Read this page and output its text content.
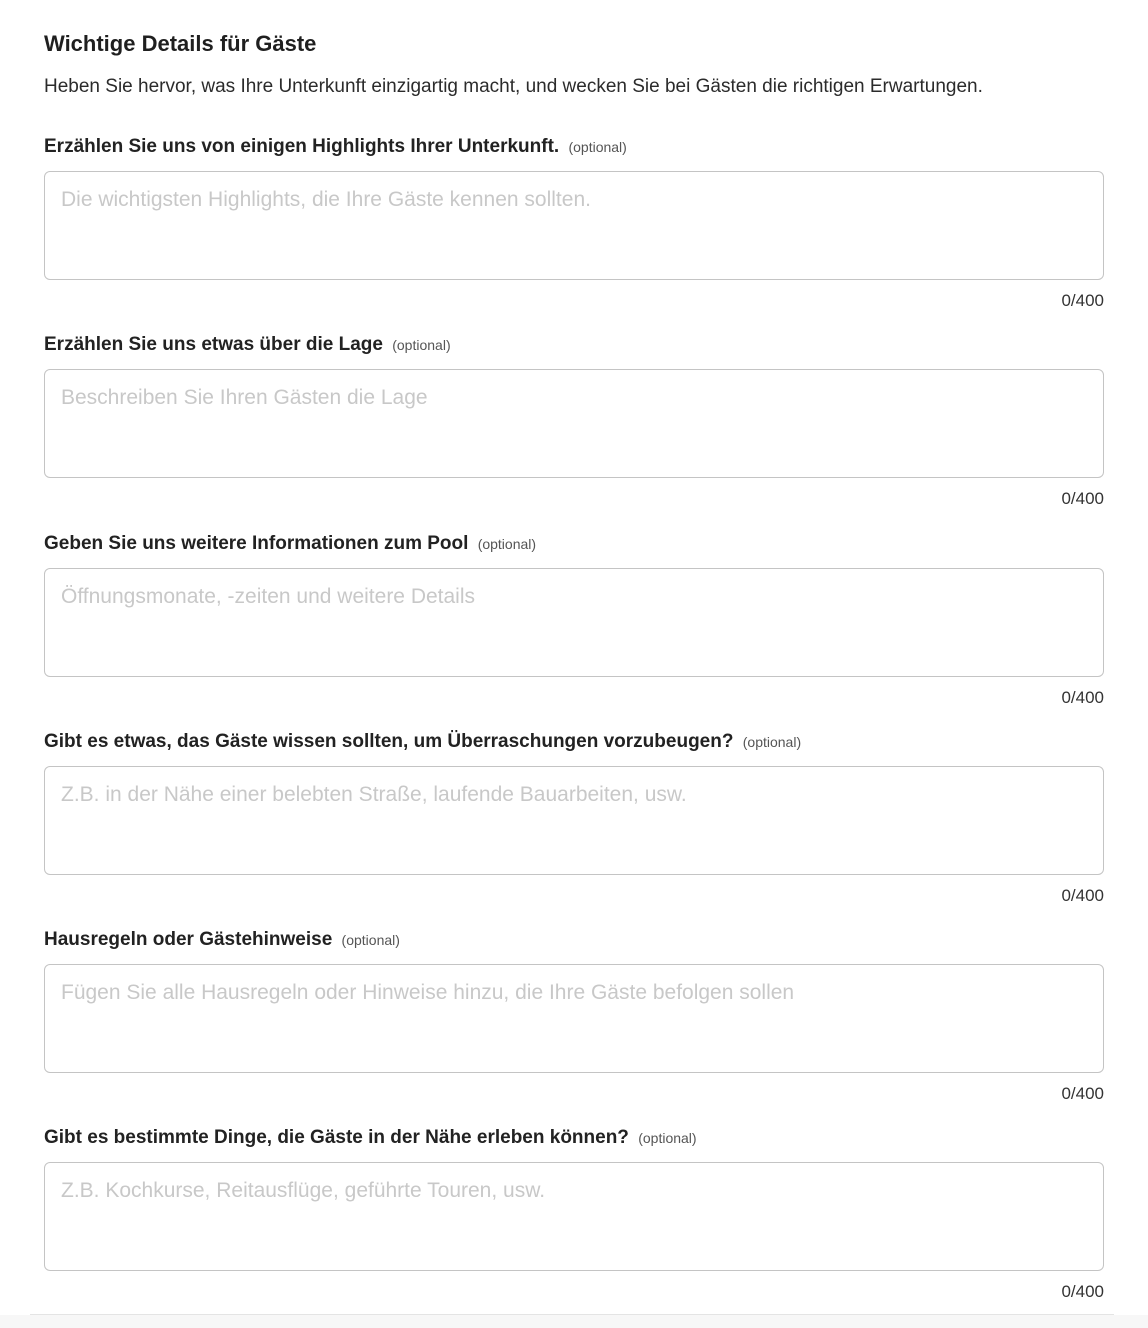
Wichtige Details für Gäste

Heben Sie hervor, was Ihre Unterkunft einzigartig macht, und wecken Sie bei Gästen die richtigen Erwartungen.

Erzählen Sie uns von einigen Highlights Ihrer Unterkunft. (optional)
Die wichtigsten Highlights, die Ihre Gäste kennen sollten.
0/400
Erzählen Sie uns etwas über die Lage (optional)
Beschreiben Sie Ihren Gästen die Lage
0/400
Geben Sie uns weitere Informationen zum Pool (optional)
Öffnungsmonate, -zeiten und weitere Details
0/400
Gibt es etwas, das Gäste wissen sollten, um Überraschungen vorzubeugen? (optional)
Z.B. in der Nähe einer belebten Straße, laufende Bauarbeiten, usw.
0/400
Hausregeln oder Gästehinweise (optional)
Fügen Sie alle Hausregeln oder Hinweise hinzu, die Ihre Gäste befolgen sollen
0/400
Gibt es bestimmte Dinge, die Gäste in der Nähe erleben können? (optional)
Z.B. Kochkurse, Reitausflüge, geführte Touren, usw.
0/400
